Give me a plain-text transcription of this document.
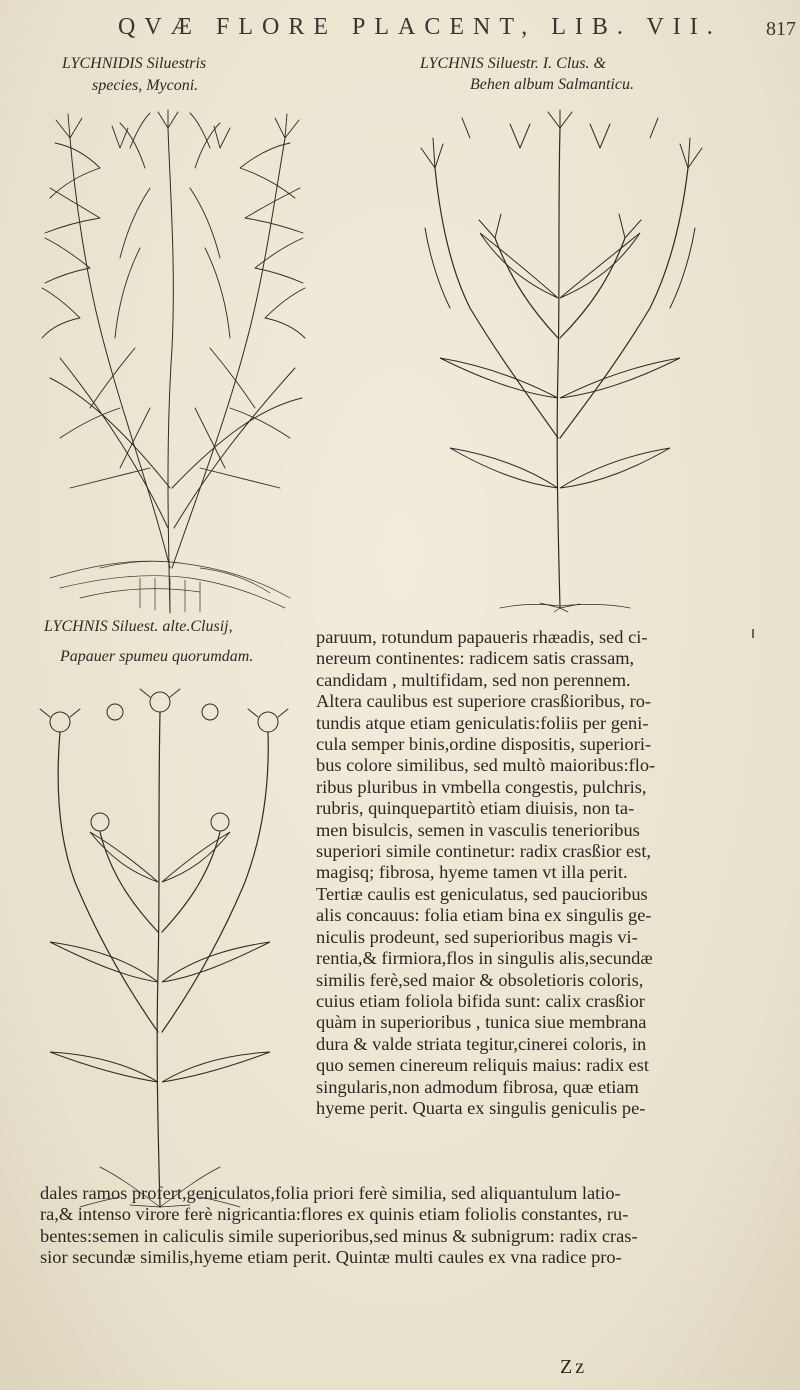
QVÆ FLORE PLACENT, LIB. VII. 817
LYCHNIDIS Siluestris
species, Myconi.
LYCHNIS Siluestr. I. Clus. &
Behen album Salmanticu.
LYCHNIS Siluest. alte.Clusij,
Papauer spumeu quorumdam.
paruum, rotundum papaueris rhæadis, sed ci-
nereum continentes: radicem satis crassam,
candidam , multifidam, sed non perennem.
Altera caulibus est superiore crasßioribus, ro-
tundis atque etiam geniculatis:foliis per geni-
cula semper binis,ordine dispositis, superiori-
bus colore similibus, sed multò maioribus:flo-
ribus pluribus in vmbella congestis, pulchris,
rubris, quinquepartitò etiam diuisis, non ta-
men bisulcis, semen in vasculis tenerioribus
superiori simile continetur: radix crasßior est,
magisq; fibrosa, hyeme tamen vt illa perit.
Tertiæ caulis est geniculatus, sed paucioribus
alis concauus: folia etiam bina ex singulis ge-
niculis prodeunt, sed superioribus magis vi-
rentia,& firmiora,flos in singulis alis,secundæ
similis ferè,sed maior & obsoletioris coloris,
cuius etiam foliola bifida sunt: calix crasßior
quàm in superioribus , tunica siue membrana
dura & valde striata tegitur,cinerei coloris, in
quo semen cinereum reliquis maius: radix est
singularis,non admodum fibrosa, quæ etiam
hyeme perit. Quarta ex singulis geniculis pe-
dales ramos profert,geniculatos,folia priori ferè similia, sed aliquantulum latio-
ra,& intenso virore ferè nigricantia:flores ex quinis etiam foliolis constantes, ru-
bentes:semen in caliculis simile superioribus,sed minus & subnigrum: radix cras-
sior secundæ similis,hyeme etiam perit. Quintæ multi caules ex vna radice pro-
Zz
